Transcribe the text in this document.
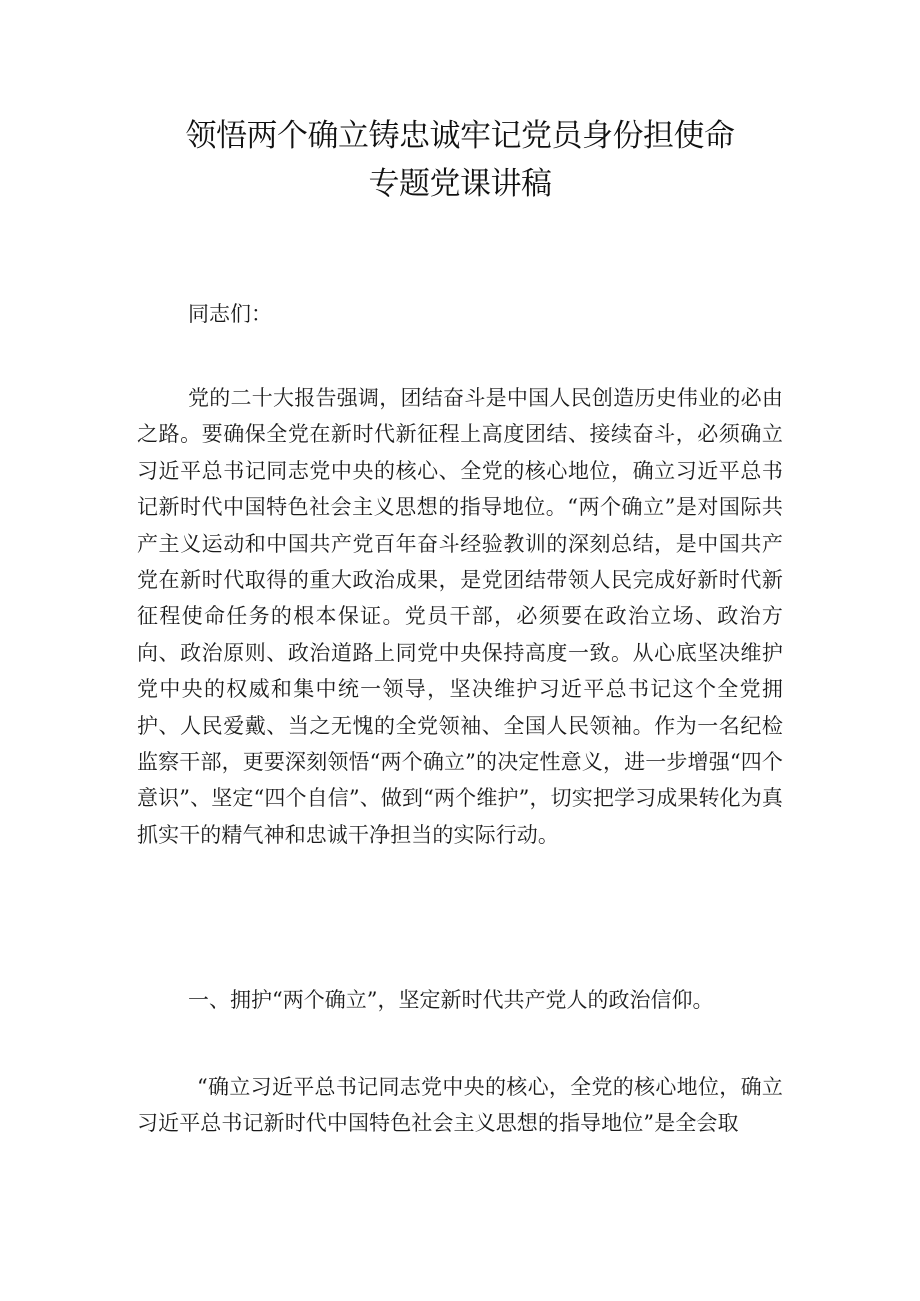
领悟两个确立铸忠诚牢记党员身份担使命
专题党课讲稿

同志们：

党的二十大报告强调，团结奋斗是中国人民创造历史伟业的必由之路。要确保全党在新时代新征程上高度团结、接续奋斗，必须确立习近平总书记同志党中央的核心、全党的核心地位，确立习近平总书记新时代中国特色社会主义思想的指导地位。“两个确立”是对国际共产主义运动和中国共产党百年奋斗经验教训的深刻总结，是中国共产党在新时代取得的重大政治成果，是党团结带领人民完成好新时代新征程使命任务的根本保证。党员干部，必须要在政治立场、政治方向、政治原则、政治道路上同党中央保持高度一致。从心底坚决维护党中央的权威和集中统一领导，坚决维护习近平总书记这个全党拥护、人民爱戴、当之无愧的全党领袖、全国人民领袖。作为一名纪检监察干部，更要深刻领悟“两个确立”的决定性意义，进一步增强“四个意识”、坚定“四个自信”、做到“两个维护”，切实把学习成果转化为真抓实干的精气神和忠诚干净担当的实际行动。

一、拥护“两个确立”，坚定新时代共产党人的政治信仰。

“确立习近平总书记同志党中央的核心，全党的核心地位，确立习近平总书记新时代中国特色社会主义思想的指导地位”是全会取
